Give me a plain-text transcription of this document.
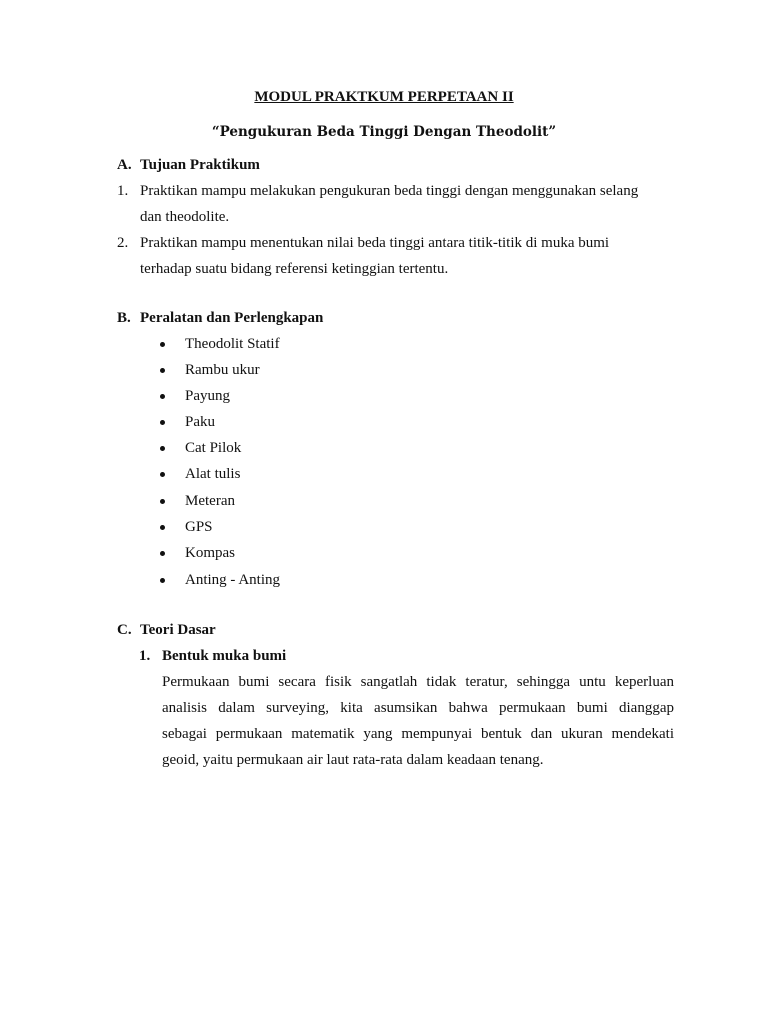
MODUL PRAKTKUM PERPETAAN II
“Pengukuran Beda Tinggi Dengan Theodolit”
A. Tujuan Praktikum
1. Praktikan mampu melakukan pengukuran beda tinggi dengan menggunakan selang
dan theodolite.
2. Praktikan mampu menentukan nilai beda tinggi antara titik-titik di muka bumi
terhadap suatu bidang referensi ketinggian tertentu.
B. Peralatan dan Perlengkapan
Theodolit Statif
Rambu ukur
Payung
Paku
Cat Pilok
Alat tulis
Meteran
GPS
Kompas
Anting - Anting
C. Teori Dasar
1. Bentuk muka bumi
Permukaan bumi secara fisik sangatlah tidak teratur, sehingga untu keperluan
analisis dalam surveying, kita asumsikan bahwa permukaan bumi dianggap
sebagai permukaan matematik yang mempunyai bentuk dan ukuran mendekati
geoid, yaitu permukaan air laut rata-rata dalam keadaan tenang.
